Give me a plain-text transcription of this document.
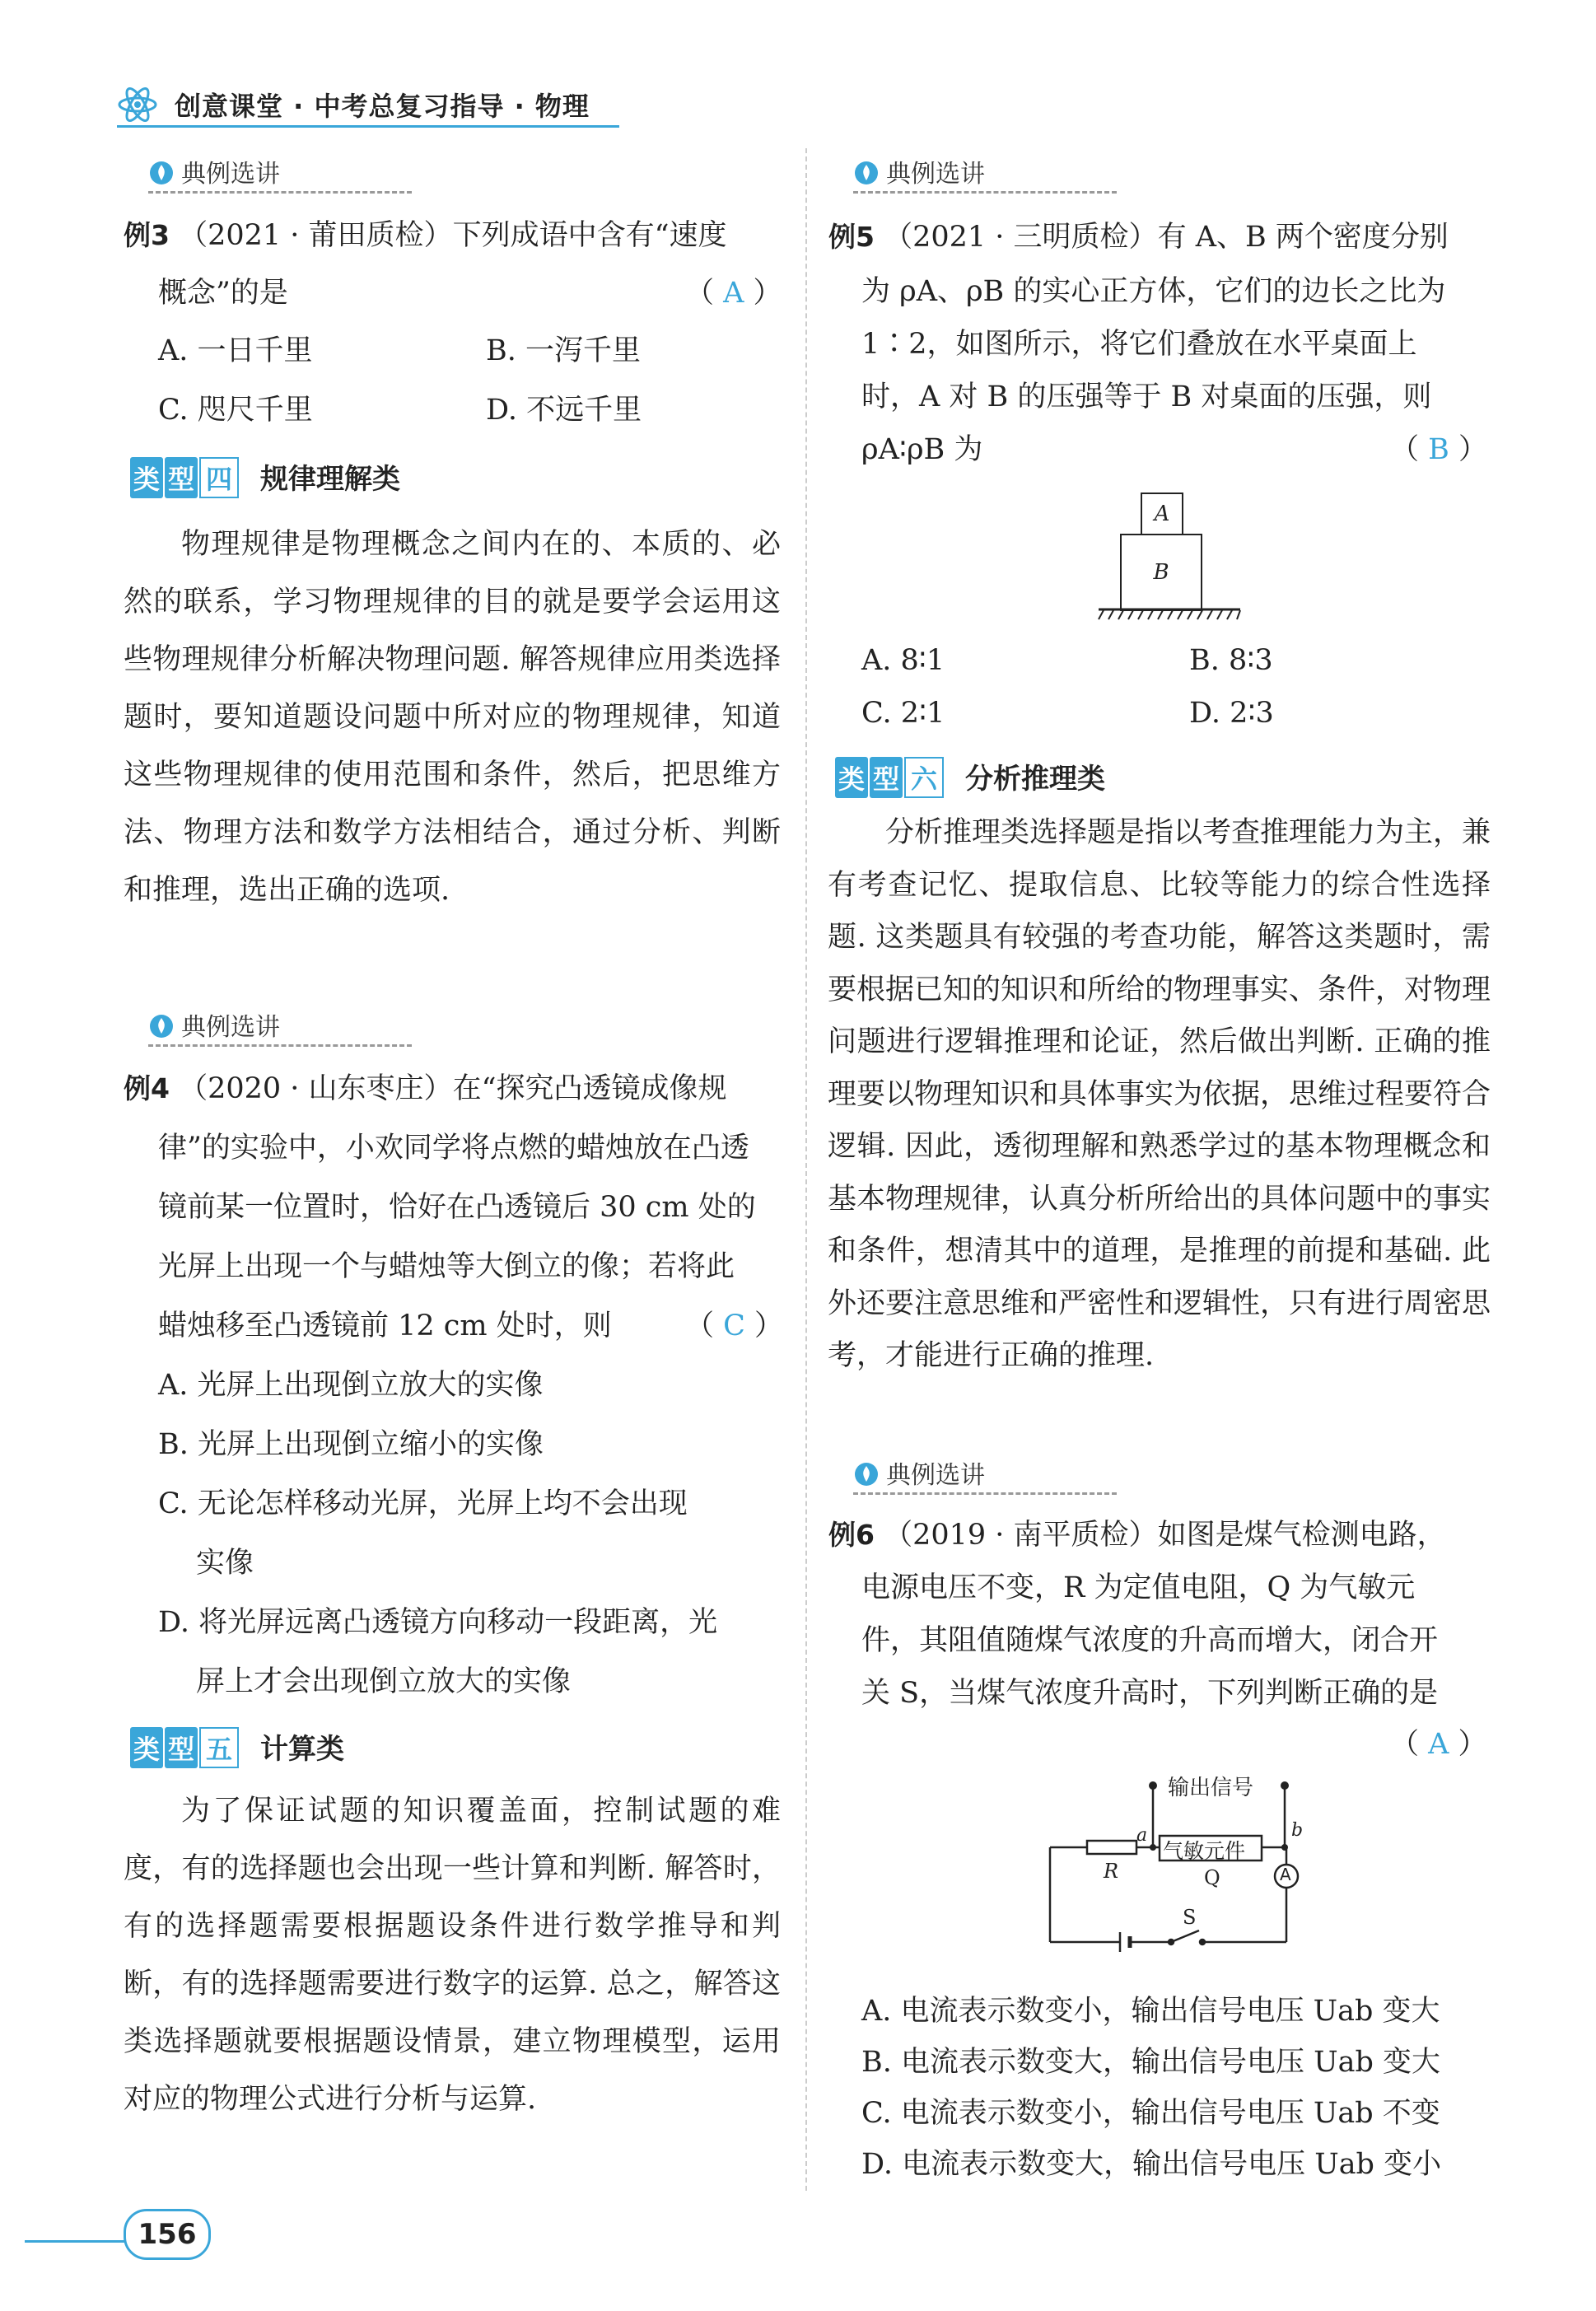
创意课堂 · 中考总复习指导 · 物理
典例选讲
例3 （2021 · 莆田质检）下列成语中含有“速度
概念”的是	（ A ）
A. 一日千里	B. 一泻千里
C. 咫尺千里	D. 不远千里
类 型 四 规律理解类
物理规律是物理概念之间内在的、本质的、必然的联系，学习物理规律的目的就是要学会运用这些物理规律分析解决物理问题. 解答规律应用类选择题时，要知道题设问题中所对应的物理规律，知道这些物理规律的使用范围和条件，然后，把思维方法、物理方法和数学方法相结合，通过分析、判断和推理，选出正确的选项.
典例选讲
例4 （2020 · 山东枣庄）在“探究凸透镜成像规
律”的实验中，小欢同学将点燃的蜡烛放在凸透
镜前某一位置时，恰好在凸透镜后 30 cm 处的
光屏上出现一个与蜡烛等大倒立的像；若将此
蜡烛移至凸透镜前 12 cm 处时，则	（ C ）
A. 光屏上出现倒立放大的实像
B. 光屏上出现倒立缩小的实像
C. 无论怎样移动光屏，光屏上均不会出现
实像
D. 将光屏远离凸透镜方向移动一段距离，光
屏上才会出现倒立放大的实像
类 型 五 计算类
为了保证试题的知识覆盖面，控制试题的难度，有的选择题也会出现一些计算和判断. 解答时，有的选择题需要根据题设条件进行数学推导和判断，有的选择题需要进行数字的运算. 总之，解答这类选择题就要根据题设情景，建立物理模型，运用对应的物理公式进行分析与运算.
典例选讲
例5 （2021 · 三明质检）有 A、B 两个密度分别
为 ρA、ρB 的实心正方体，它们的边长之比为
1∶2，如图所示，将它们叠放在水平桌面上
时，A 对 B 的压强等于 B 对桌面的压强，则
ρA∶ρB 为	（ B ）
A
B
A. 8∶1	B. 8∶3
C. 2∶1	D. 2∶3
类 型 六 分析推理类
分析推理类选择题是指以考查推理能力为主，兼有考查记忆、提取信息、比较等能力的综合性选择题. 这类题具有较强的考查功能，解答这类题时，需要根据已知的知识和所给的物理事实、条件，对物理问题进行逻辑推理和论证，然后做出判断. 正确的推理要以物理知识和具体事实为依据，思维过程要符合逻辑. 因此，透彻理解和熟悉学过的基本物理概念和基本物理规律，认真分析所给出的具体问题中的事实和条件，想清其中的道理，是推理的前提和基础. 此外还要注意思维和严密性和逻辑性，只有进行周密思考，才能进行正确的推理.
典例选讲
例6 （2019 · 南平质检）如图是煤气检测电路，
电源电压不变，R 为定值电阻，Q 为气敏元
件，其阻值随煤气浓度的升高而增大，闭合开
关 S，当煤气浓度升高时，下列判断正确的是
（ A ）
输出信号
气敏元件
R	Q
S
a	b
A
A. 电流表示数变小，输出信号电压 Uab 变大
B. 电流表示数变大，输出信号电压 Uab 变大
C. 电流表示数变小，输出信号电压 Uab 不变
D. 电流表示数变大，输出信号电压 Uab 变小
156
